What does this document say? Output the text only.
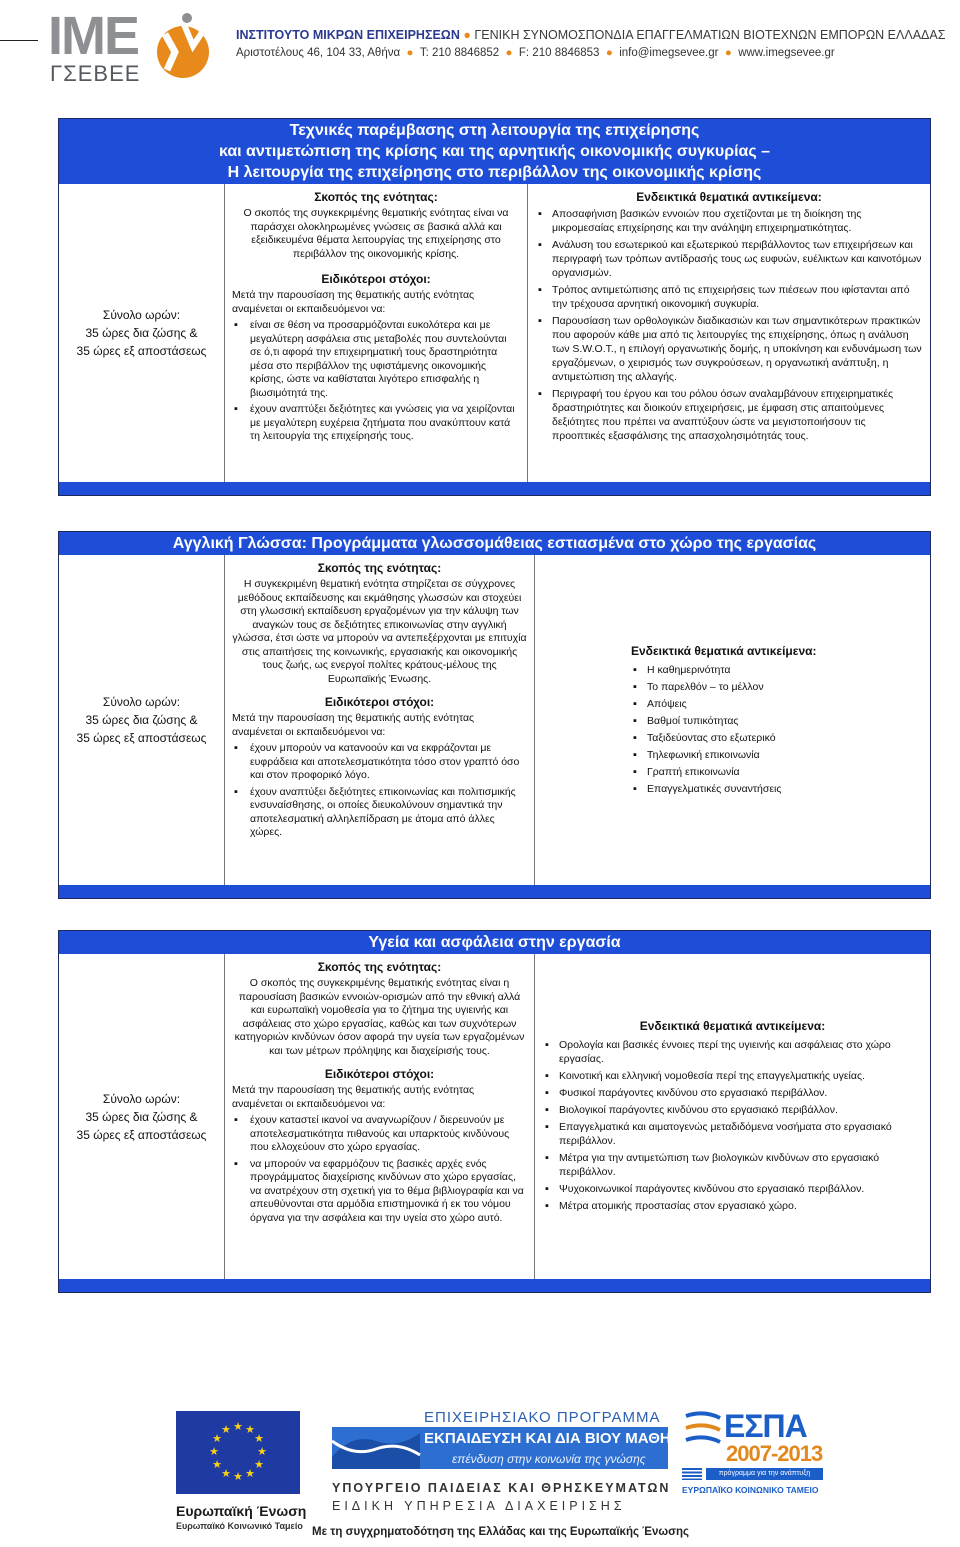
IME
ΓΣΕΒΕΕ
ΙΝΣΤΙΤΟΥΤΟ ΜΙΚΡΩΝ ΕΠΙΧΕΙΡΗΣΕΩΝ ● ΓΕΝΙΚΗ ΣΥΝΟΜΟΣΠΟΝΔΙΑ ΕΠΑΓΓΕΛΜΑΤΙΩΝ ΒΙΟΤΕΧΝΩΝ ΕΜΠΟΡΩΝ ΕΛΛΑΔΑΣ
Αριστοτέλους 46, 104 33, Αθήνα ● T: 210 8846852 ● F: 210 8846853 ● info@imegsevee.gr ● www.imegsevee.gr
Τεχνικές παρέμβασης στη λειτουργία της επιχείρησης
και αντιμετώπιση της κρίσης και της αρνητικής οικονομικής συγκυρίας –
Η λειτουργία της επιχείρησης στο περιβάλλον της οικονομικής κρίσης
Σύνολο ωρών:
35 ώρες δια ζώσης &
35 ώρες εξ αποστάσεως
Σκοπός της ενότητας:
Ο σκοπός της συγκεκριμένης θεματικής ενότητας είναι να παράσχει ολοκληρωμένες γνώσεις σε βασικά αλλά και εξειδικευμένα θέματα λειτουργίας της επιχείρησης στο περιβάλλον της οικονομικής κρίσης.
Ειδικότεροι στόχοι:
Μετά την παρουσίαση της θεματικής αυτής ενότητας αναμένεται οι εκπαιδευόμενοι να:
▪ είναι σε θέση να προσαρμόζονται ευκολότερα και με μεγαλύτερη ασφάλεια στις μεταβολές που συντελούνται σε ό,τι αφορά την επιχειρηματική τους δραστηριότητα μέσα στο περιβάλλον της υφιστάμενης οικονομικής κρίσης, ώστε να καθίσταται λιγότερο επισφαλής η βιωσιμότητά της.
▪ έχουν αναπτύξει δεξιότητες και γνώσεις για να χειρίζονται με μεγαλύτερη ευχέρεια ζητήματα που ανακύπτουν κατά τη λειτουργία της επιχείρησής τους.
Ενδεικτικά θεματικά αντικείμενα:
▪ Αποσαφήνιση βασικών εννοιών που σχετίζονται με τη διοίκηση της μικρομεσαίας επιχείρησης και την ανάληψη επιχειρηματικότητας.
▪ Ανάλυση του εσωτερικού και εξωτερικού περιβάλλοντος των επιχειρήσεων και περιγραφή των τρόπων αντίδρασής τους ως ευφυών, ευέλικτων και καινοτόμων οργανισμών.
▪ Τρόπος αντιμετώπισης από τις επιχειρήσεις των πιέσεων που ιφίστανται από την τρέχουσα αρνητική οικονομική συγκυρία.
▪ Παρουσίαση των ορθολογικών διαδικασιών και των σημαντικότερων πρακτικών που αφορούν κάθε μια από τις λειτουργίες της επιχείρησης, όπως η ανάλυση των S.W.O.T., η επιλογή οργανωτικής δομής, η υποκίνηση και ενδυνάμωση των εργαζόμενων, ο χειρισμός των συγκρούσεων, η οργανωτική ανάπτυξη, η αντιμετώπιση της αλλαγής.
▪ Περιγραφή του έργου και του ρόλου όσων αναλαμβάνουν επιχειρηματικές δραστηριότητες και διοικούν επιχειρήσεις, με έμφαση στις απαιτούμενες δεξιότητες που πρέπει να αναπτύξουν ώστε να μεγιστοποιήσουν τις προοπτικές εξασφάλισης της απασχολησιμότητάς τους.
Αγγλική Γλώσσα: Προγράμματα γλωσσομάθειας εστιασμένα στο χώρο της εργασίας
Σύνολο ωρών:
35 ώρες δια ζώσης &
35 ώρες εξ αποστάσεως
Σκοπός της ενότητας:
Η συγκεκριμένη θεματική ενότητα στηρίζεται σε σύγχρονες μεθόδους εκπαίδευσης και εκμάθησης γλωσσών και στοχεύει στη γλωσσική εκπαίδευση εργαζομένων για την κάλυψη των αναγκών τους σε δεξιότητες επικοινωνίας στην αγγλική γλώσσα, έτσι ώστε να μπορούν να αντεπεξέρχονται με επιτυχία στις απαιτήσεις της κοινωνικής, εργασιακής και οικονομικής τους ζωής, ως ενεργοί πολίτες κράτους-μέλους της Ευρωπαϊκής Ένωσης.
Ειδικότεροι στόχοι:
Μετά την παρουσίαση της θεματικής αυτής ενότητας αναμένεται οι εκπαιδευόμενοι να:
▪ έχουν μπορούν να κατανοούν και να εκφράζονται με ευφράδεια και αποτελεσματικότητα τόσο στον γραπτό όσο και στον προφορικό λόγο.
▪ έχουν αναπτύξει δεξιότητες επικοινωνίας και πολιτισμικής ενσυναίσθησης, οι οποίες διευκολύνουν σημαντικά την αποτελεσματική αλληλεπίδραση με άτομα από άλλες χώρες.
Ενδεικτικά θεματικά αντικείμενα:
▪ Η καθημερινότητα
▪ Το παρελθόν – το μέλλον
▪ Απόψεις
▪ Βαθμοί τυπικότητας
▪ Ταξιδεύοντας στο εξωτερικό
▪ Τηλεφωνική επικοινωνία
▪ Γραπτή επικοινωνία
▪ Επαγγελματικές συναντήσεις
Υγεία και ασφάλεια στην εργασία
Σύνολο ωρών:
35 ώρες δια ζώσης &
35 ώρες εξ αποστάσεως
Σκοπός της ενότητας:
Ο σκοπός της συγκεκριμένης θεματικής ενότητας είναι η παρουσίαση βασικών εννοιών-ορισμών από την εθνική αλλά και ευρωπαϊκή νομοθεσία για το ζήτημα της υγιεινής και ασφάλειας στο χώρο εργασίας, καθώς και των συχνότερων κατηγοριών κινδύνων όσον αφορά την υγεία των εργαζομένων και των μέτρων πρόληψης και διαχείρισής τους.
Ειδικότεροι στόχοι:
Μετά την παρουσίαση της θεματικής αυτής ενότητας αναμένεται οι εκπαιδευόμενοι να:
▪ έχουν καταστεί ικανοί να αναγνωρίζουν / διερευνούν με αποτελεσματικότητα πιθανούς και υπαρκτούς κινδύνους που ελλοχεύουν στο χώρο εργασίας.
▪ να μπορούν να εφαρμόζουν τις βασικές αρχές ενός προγράμματος διαχείρισης κινδύνων στο χώρο εργασίας, να ανατρέχουν στη σχετική για το θέμα βιβλιογραφία και να απευθύνονται στα αρμόδια επιστημονικά ή εκ του νόμου όργανα για την ασφάλεια και την υγεία στο χώρο αυτό.
Ενδεικτικά θεματικά αντικείμενα:
▪ Ορολογία και βασικές έννοιες περί της υγιεινής και ασφάλειας στο χώρο εργασίας.
▪ Κοινοτική και ελληνική νομοθεσία περί της επαγγελματικής υγείας.
▪ Φυσικοί παράγοντες κινδύνου στο εργασιακό περιβάλλον.
▪ Βιολογικοί παράγοντες κινδύνου στο εργασιακό περιβάλλον.
▪ Επαγγελματικά και αιματογενώς μεταδιδόμενα νοσήματα στο εργασιακό περιβάλλον.
▪ Μέτρα για την αντιμετώπιση των βιολογικών κινδύνων στο εργασιακό περιβάλλον.
▪ Ψυχοκοινωνικοί παράγοντες κινδύνου στο εργασιακό περιβάλλον.
▪ Μέτρα ατομικής προστασίας στον εργασιακό χώρο.
★ ★
★
★
★
★
★
★
★
★
★
★
Ευρωπαϊκή Ένωση
Ευρωπαϊκό Κοινωνικό Ταμείο
ΕΠΙΧΕΙΡΗΣΙΑΚΟ ΠΡΟΓΡΑΜΜΑ
ΕΚΠΑΙΔΕΥΣΗ ΚΑΙ ΔΙΑ ΒΙΟΥ ΜΑΘΗΣΗ
επένδυση στην κοινωνία της γνώσης
ΥΠΟΥΡΓΕΙΟ ΠΑΙΔΕΙΑΣ ΚΑΙ ΘΡΗΣΚΕΥΜΑΤΩΝ
ΕΙΔΙΚΗ ΥΠΗΡΕΣΙΑ ΔΙΑΧΕΙΡΙΣΗΣ
ΕΣΠΑ
2007-2013
πρόγραμμα για την ανάπτυξη
ΕΥΡΩΠΑΪΚΟ ΚΟΙΝΩΝΙΚΟ ΤΑΜΕΙΟ
Με τη συγχρηματοδότηση της Ελλάδας και της Ευρωπαϊκής Ένωσης
